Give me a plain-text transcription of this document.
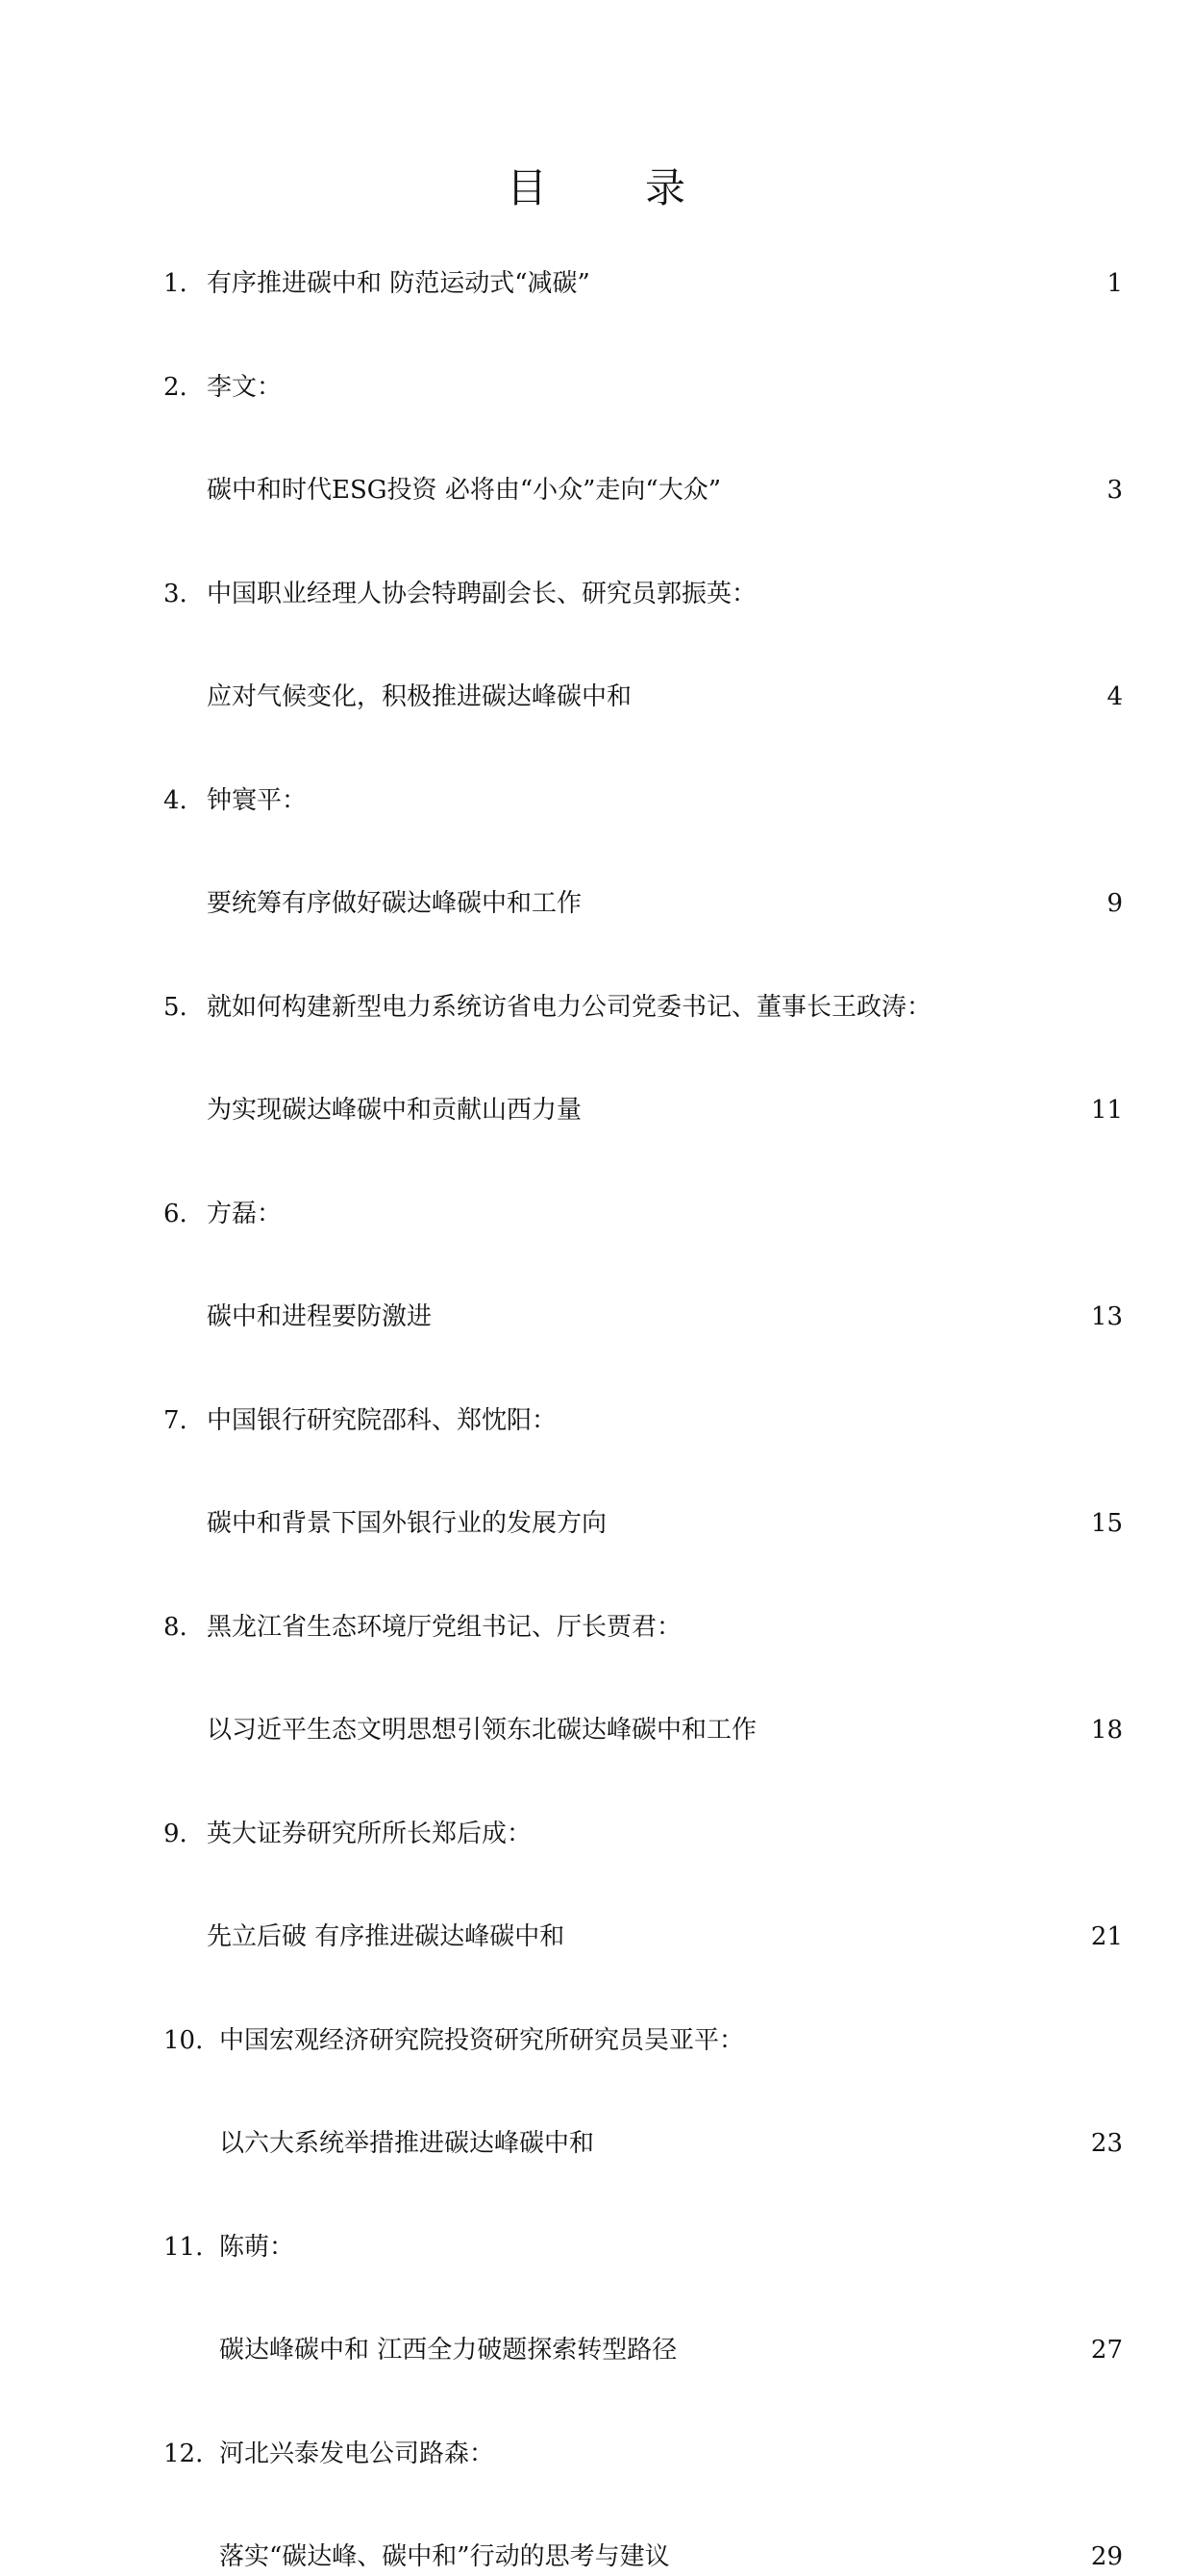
目　录
1. 有序推进碳中和 防范运动式“减碳”	1
2. 李文：
碳中和时代ESG投资 必将由“小众”走向“大众”	3
3. 中国职业经理人协会特聘副会长、研究员郭振英：
应对气候变化，积极推进碳达峰碳中和	4
4. 钟寰平：
要统筹有序做好碳达峰碳中和工作	9
5. 就如何构建新型电力系统访省电力公司党委书记、董事长王政涛：
为实现碳达峰碳中和贡献山西力量	11
6. 方磊：
碳中和进程要防激进	13
7. 中国银行研究院邵科、郑忱阳：
碳中和背景下国外银行业的发展方向	15
8. 黑龙江省生态环境厅党组书记、厅长贾君：
以习近平生态文明思想引领东北碳达峰碳中和工作	18
9. 英大证券研究所所长郑后成：
先立后破 有序推进碳达峰碳中和	21
10. 中国宏观经济研究院投资研究所研究员吴亚平：
以六大系统举措推进碳达峰碳中和	23
11. 陈萌：
碳达峰碳中和 江西全力破题探索转型路径	27
12. 河北兴泰发电公司路森：
落实“碳达峰、碳中和”行动的思考与建议	29
